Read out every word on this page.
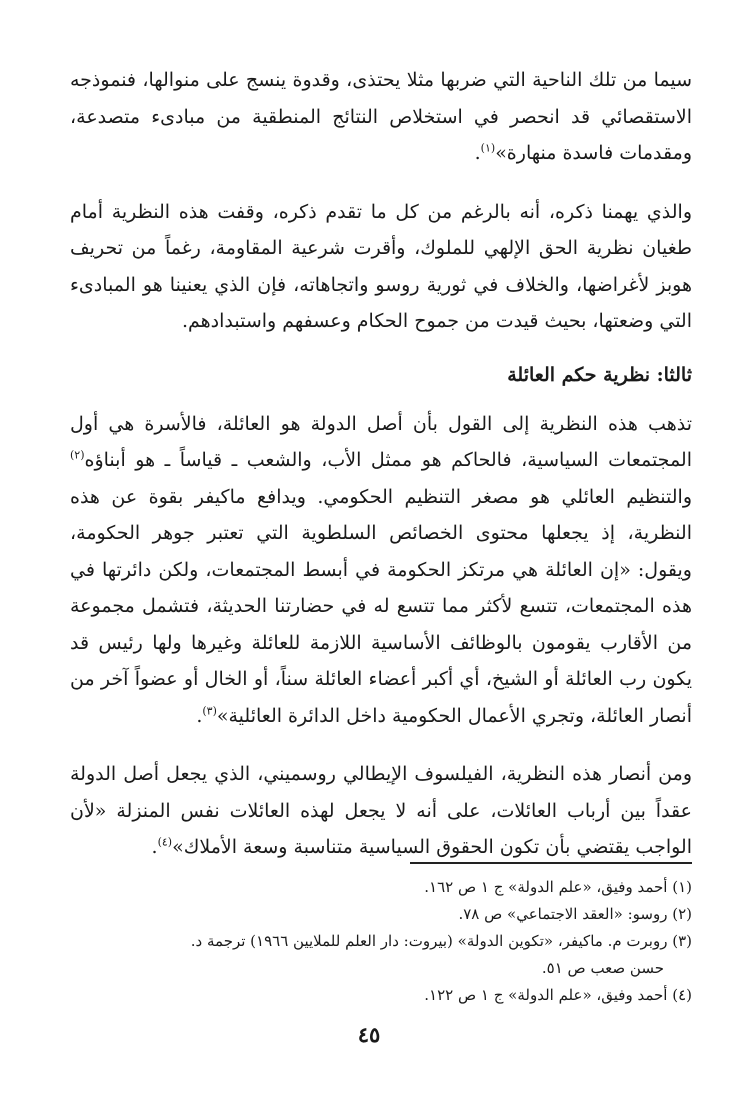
سيما من تلك الناحية التي ضربها مثلا يحتذى، وقدوة ينسج على منوالها، فنموذجه الاستقصائي قد انحصر في استخلاص النتائج المنطقية من مبادىء متصدعة، ومقدمات فاسدة منهارة»$^{(١)}$.

والذي يهمنا ذكره، أنه بالرغم من كل ما تقدم ذكره، وقفت هذه النظرية أمام طغيان نظرية الحق الإلهي للملوك، وأقرت شرعية المقاومة، رغماً من تحريف هوبز لأغراضها، والخلاف في ثورية روسو واتجاهاته، فإن الذي يعنينا هو المبادىء التي وضعتها، بحيث قيدت من جموح الحكام وعسفهم واستبدادهم.

ثالثا: نظرية حكم العائلة

تذهب هذه النظرية إلى القول بأن أصل الدولة هو العائلة، فالأسرة هي أول المجتمعات السياسية، فالحاكم هو ممثل الأب، والشعب ـ قياساً ـ هو أبناؤه$^{(٢)}$ والتنظيم العائلي هو مصغر التنظيم الحكومي. ويدافع ماكيفر بقوة عن هذه النظرية، إذ يجعلها محتوى الخصائص السلطوية التي تعتبر جوهر الحكومة، ويقول: «إن العائلة هي مرتكز الحكومة في أبسط المجتمعات، ولكن دائرتها في هذه المجتمعات، تتسع لأكثر مما تتسع له في حضارتنا الحديثة، فتشمل مجموعة من الأقارب يقومون بالوظائف الأساسية اللازمة للعائلة وغيرها ولها رئيس قد يكون رب العائلة أو الشيخ، أي أكبر أعضاء العائلة سناً، أو الخال أو عضواً آخر من أنصار العائلة، وتجري الأعمال الحكومية داخل الدائرة العائلية»$^{(٣)}$.

ومن أنصار هذه النظرية، الفيلسوف الإيطالي روسميني، الذي يجعل أصل الدولة عقداً بين أرباب العائلات، على أنه لا يجعل لهذه العائلات نفس المنزلة «لأن الواجب يقتضي بأن تكون الحقوق السياسية متناسبة وسعة الأملاك»$^{(٤)}$.

(١) أحمد وفيق، «علم الدولة» ج ١ ص ١٦٢.

(٢) روسو: «العقد الاجتماعي» ص ٧٨.

(٣) روبرت م. ماكيفر، «تكوين الدولة» (بيروت: دار العلم للملايين ١٩٦٦) ترجمة د.

حسن صعب ص ٥١.

(٤) أحمد وفيق، «علم الدولة» ج ١ ص ١٢٢.

٤٥
